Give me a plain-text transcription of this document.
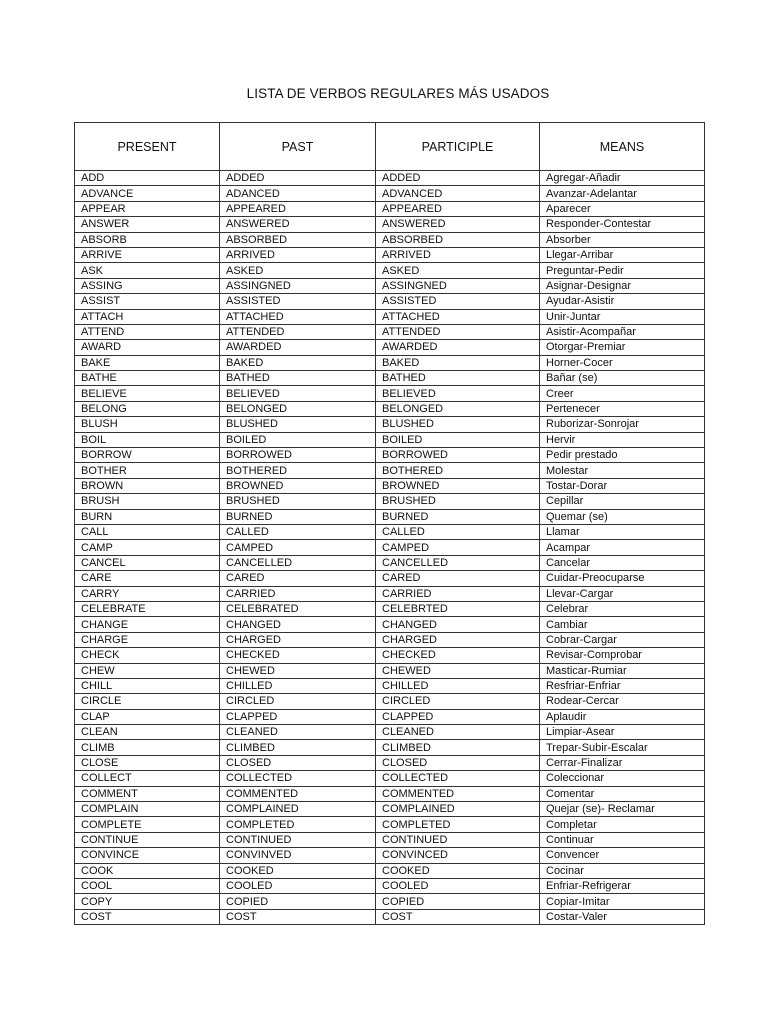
LISTA DE VERBOS REGULARES MÁS USADOS
PRESENT	PAST	PARTICIPLE	MEANS
ADD	ADDED	ADDED	Agregar-Añadir
ADVANCE	ADANCED	ADVANCED	Avanzar-Adelantar
APPEAR	APPEARED	APPEARED	Aparecer
ANSWER	ANSWERED	ANSWERED	Responder-Contestar
ABSORB	ABSORBED	ABSORBED	Absorber
ARRIVE	ARRIVED	ARRIVED	Llegar-Arribar
ASK	ASKED	ASKED	Preguntar-Pedir
ASSING	ASSINGNED	ASSINGNED	Asignar-Designar
ASSIST	ASSISTED	ASSISTED	Ayudar-Asistir
ATTACH	ATTACHED	ATTACHED	Unir-Juntar
ATTEND	ATTENDED	ATTENDED	Asistir-Acompañar
AWARD	AWARDED	AWARDED	Otorgar-Premiar
BAKE	BAKED	BAKED	Horner-Cocer
BATHE	BATHED	BATHED	Bañar (se)
BELIEVE	BELIEVED	BELIEVED	Creer
BELONG	BELONGED	BELONGED	Pertenecer
BLUSH	BLUSHED	BLUSHED	Ruborizar-Sonrojar
BOIL	BOILED	BOILED	Hervir
BORROW	BORROWED	BORROWED	Pedir prestado
BOTHER	BOTHERED	BOTHERED	Molestar
BROWN	BROWNED	BROWNED	Tostar-Dorar
BRUSH	BRUSHED	BRUSHED	Cepillar
BURN	BURNED	BURNED	Quemar (se)
CALL	CALLED	CALLED	Llamar
CAMP	CAMPED	CAMPED	Acampar
CANCEL	CANCELLED	CANCELLED	Cancelar
CARE	CARED	CARED	Cuidar-Preocuparse
CARRY	CARRIED	CARRIED	Llevar-Cargar
CELEBRATE	CELEBRATED	CELEBRTED	Celebrar
CHANGE	CHANGED	CHANGED	Cambiar
CHARGE	CHARGED	CHARGED	Cobrar-Cargar
CHECK	CHECKED	CHECKED	Revisar-Comprobar
CHEW	CHEWED	CHEWED	Masticar-Rumiar
CHILL	CHILLED	CHILLED	Resfriar-Enfriar
CIRCLE	CIRCLED	CIRCLED	Rodear-Cercar
CLAP	CLAPPED	CLAPPED	Aplaudir
CLEAN	CLEANED	CLEANED	Limpiar-Asear
CLIMB	CLIMBED	CLIMBED	Trepar-Subir-Escalar
CLOSE	CLOSED	CLOSED	Cerrar-Finalizar
COLLECT	COLLECTED	COLLECTED	Coleccionar
COMMENT	COMMENTED	COMMENTED	Comentar
COMPLAIN	COMPLAINED	COMPLAINED	Quejar (se)- Reclamar
COMPLETE	COMPLETED	COMPLETED	Completar
CONTINUE	CONTINUED	CONTINUED	Continuar
CONVINCE	CONVINVED	CONVINCED	Convencer
COOK	COOKED	COOKED	Cocinar
COOL	COOLED	COOLED	Enfriar-Refrigerar
COPY	COPIED	COPIED	Copiar-Imitar
COST	COST	COST	Costar-Valer
